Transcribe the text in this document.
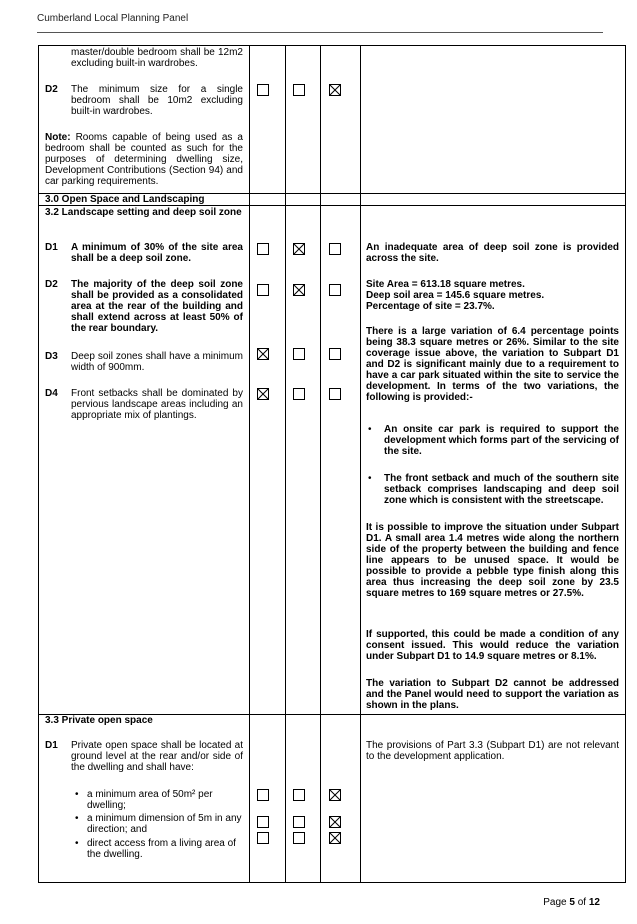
Cumberland Local Planning Panel
master/double bedroom shall be 12m2 excluding built-in wardrobes.
D2 The minimum size for a single bedroom shall be 10m2 excluding built-in wardrobes.
Note: Rooms capable of being used as a bedroom shall be counted as such for the purposes of determining dwelling size, Development Contributions (Section 94) and car parking requirements.
3.0 Open Space and Landscaping
3.2 Landscape setting and deep soil zone
D1 A minimum of 30% of the site area shall be a deep soil zone.
D2 The majority of the deep soil zone shall be provided as a consolidated area at the rear of the building and shall extend across at least 50% of the rear boundary.
D3 Deep soil zones shall have a minimum width of 900mm.
D4 Front setbacks shall be dominated by pervious landscape areas including an appropriate mix of plantings.
An inadequate area of deep soil zone is provided across the site.
Site Area = 613.18 square metres.
Deep soil area = 145.6 square metres.
Percentage of site = 23.7%.
There is a large variation of 6.4 percentage points being 38.3 square metres or 26%. Similar to the site coverage issue above, the variation to Subpart D1 and D2 is significant mainly due to a requirement to have a car park situated within the site to service the development. In terms of the two variations, the following is provided:-
• An onsite car park is required to support the development which forms part of the servicing of the site.
• The front setback and much of the southern site setback comprises landscaping and deep soil zone which is consistent with the streetscape.
It is possible to improve the situation under Subpart D1. A small area 1.4 metres wide along the northern side of the property between the building and fence line appears to be unused space. It would be possible to provide a pebble type finish along this area thus increasing the deep soil zone by 23.5 square metres to 169 square metres or 27.5%.
If supported, this could be made a condition of any consent issued. This would reduce the variation under Subpart D1 to 14.9 square metres or 8.1%.
The variation to Subpart D2 cannot be addressed and the Panel would need to support the variation as shown in the plans.
3.3 Private open space
D1 Private open space shall be located at ground level at the rear and/or side of the dwelling and shall have:
• a minimum area of 50m² per dwelling;
• a minimum dimension of 5m in any direction; and
• direct access from a living area of the dwelling.
The provisions of Part 3.3 (Subpart D1) are not relevant to the development application.
Page 5 of 12
